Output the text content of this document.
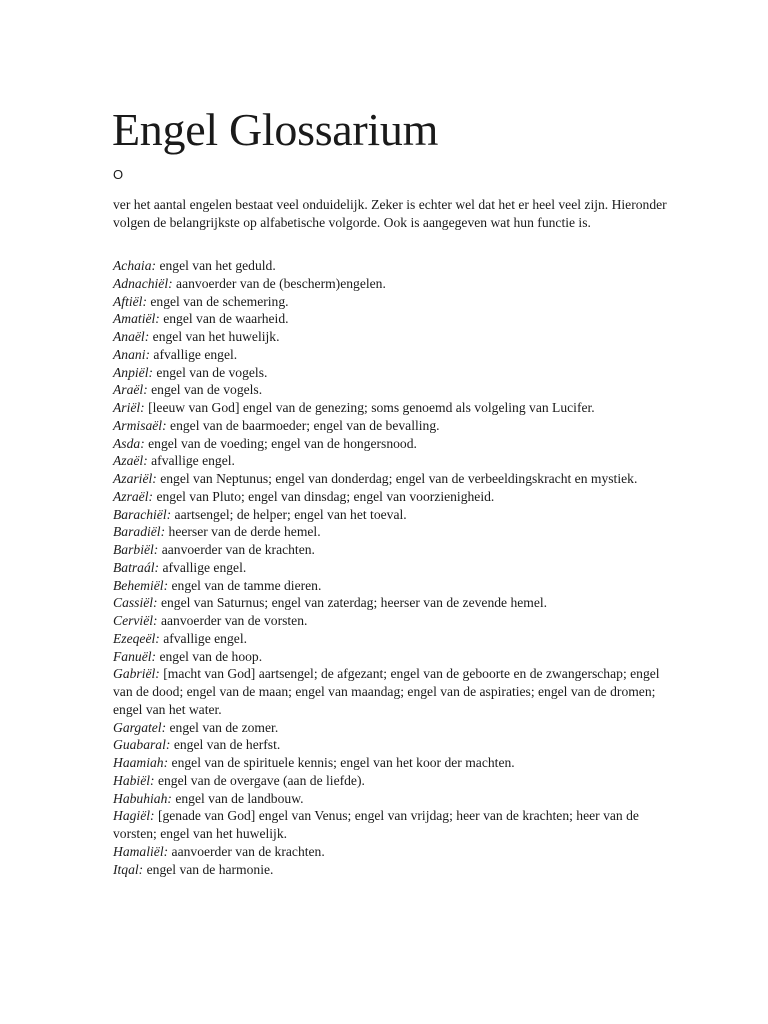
Engel Glossarium
O

ver het aantal engelen bestaat veel onduidelijk. Zeker is echter wel dat het er heel veel zijn. Hieronder volgen de belangrijkste op alfabetische volgorde. Ook is aangegeven wat hun functie is.

Achaia: engel van het geduld.
Adnachiël: aanvoerder van de (bescherm)engelen.
Aftiël: engel van de schemering.
Amatiël: engel van de waarheid.
Anaël: engel van het huwelijk.
Anani: afvallige engel.
Anpiël: engel van de vogels.
Araël: engel van de vogels.
Ariël: [leeuw van God] engel van de genezing; soms genoemd als volgeling van Lucifer.
Armisaël: engel van de baarmoeder; engel van de bevalling.
Asda: engel van de voeding; engel van de hongersnood.
Azaël: afvallige engel.
Azariël: engel van Neptunus; engel van donderdag; engel van de verbeeldingskracht en mystiek.
Azraël: engel van Pluto; engel van dinsdag; engel van voorzienigheid.
Barachiël: aartsengel; de helper; engel van het toeval.
Baradiël: heerser van de derde hemel.
Barbiël: aanvoerder van de krachten.
Batraál: afvallige engel.
Behemiël: engel van de tamme dieren.
Cassiël: engel van Saturnus; engel van zaterdag; heerser van de zevende hemel.
Cerviël: aanvoerder van de vorsten.
Ezeqeël: afvallige engel.
Fanuël: engel van de hoop.
Gabriël: [macht van God] aartsengel; de afgezant; engel van de geboorte en de zwangerschap; engel van de dood; engel van de maan; engel van maandag; engel van de aspiraties; engel van de dromen; engel van het water.
Gargatel: engel van de zomer.
Guabaral: engel van de herfst.
Haamiah: engel van de spirituele kennis; engel van het koor der machten.
Habiël: engel van de overgave (aan de liefde).
Habuhiah: engel van de landbouw.
Hagiël: [genade van God] engel van Venus; engel van vrijdag; heer van de krachten; heer van de vorsten; engel van het huwelijk.
Hamaliël: aanvoerder van de krachten.
Itqal: engel van de harmonie.
